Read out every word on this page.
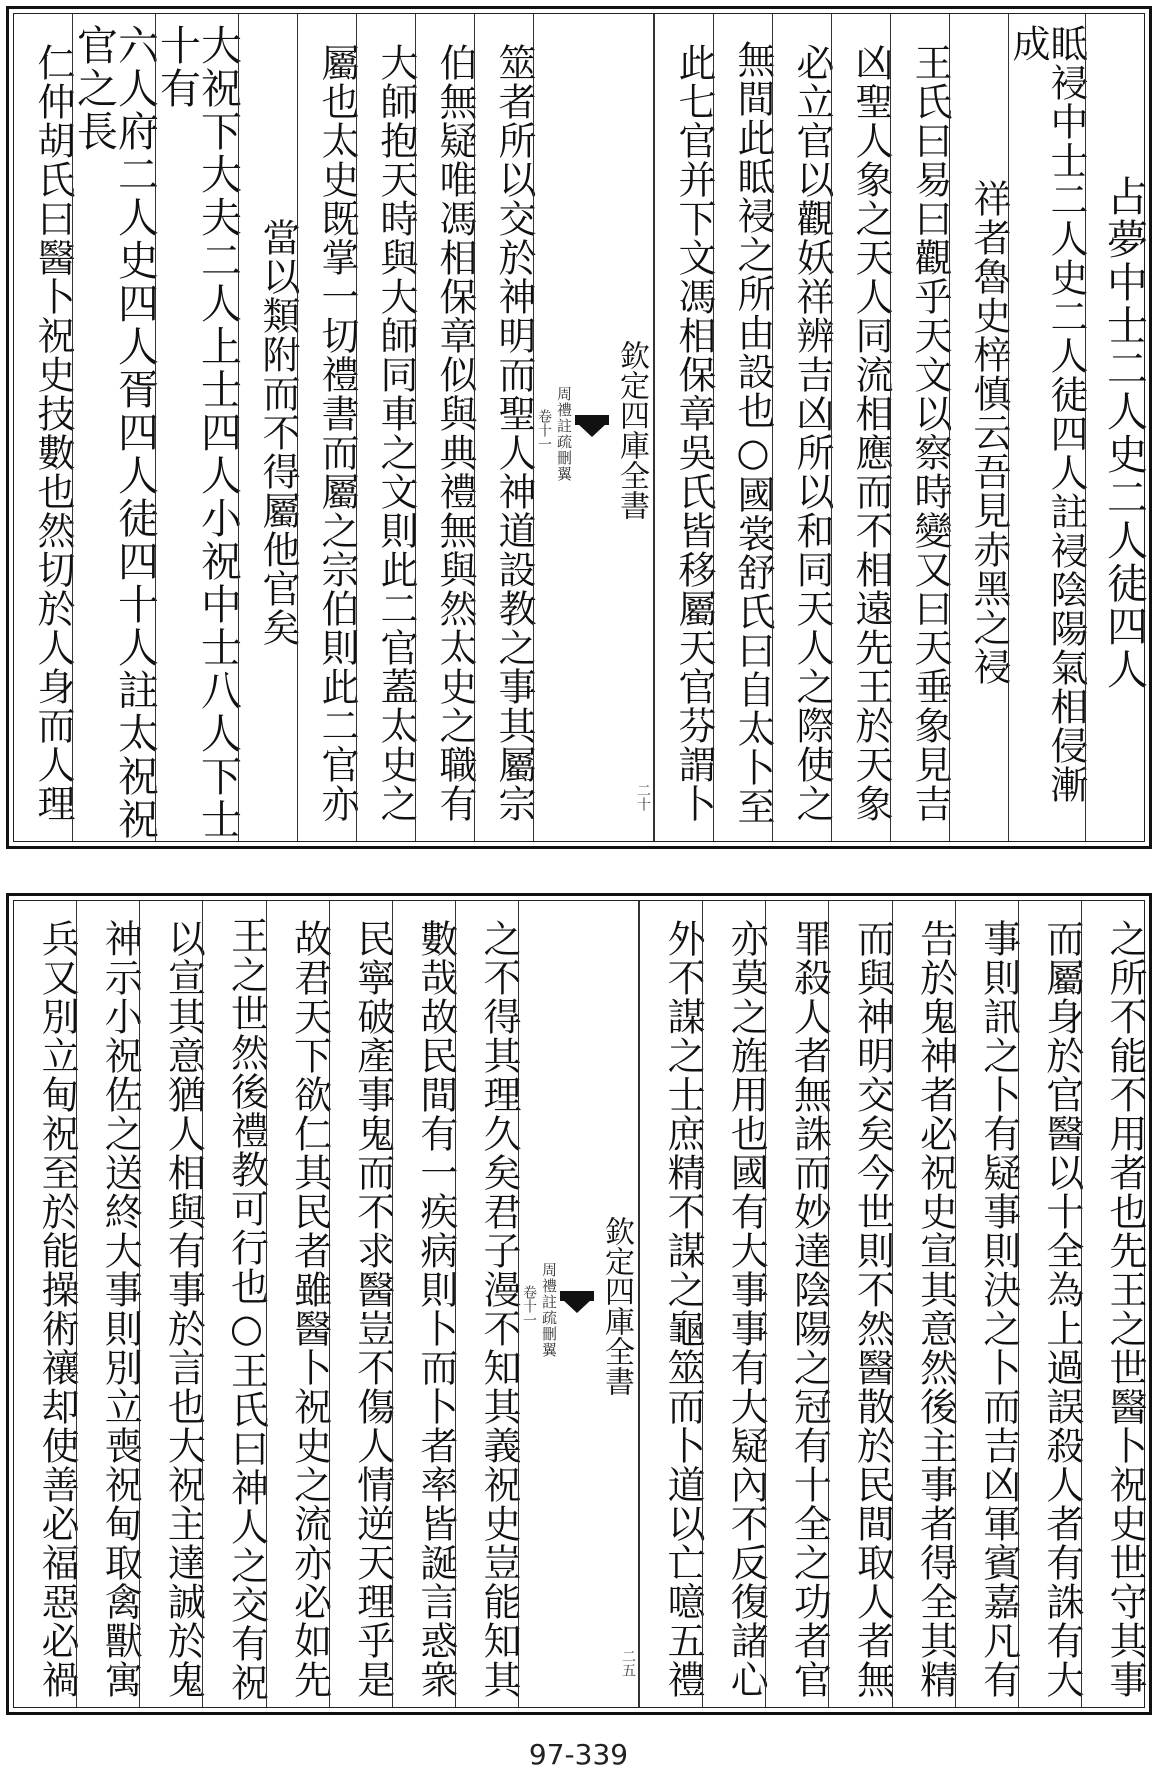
占夢中士二人史二人徒四人
眡祲中士二人史二人徒四人註祲陰陽氣相侵漸成
祥者魯史梓慎云吾見赤黑之祲
王氏曰易曰觀乎天文以察時變又曰天垂象見吉
凶聖人象之天人同流相應而不相遠先王於天象
必立官以觀妖祥辨吉凶所以和同天人之際使之
無間此眡祲之所由設也○國裳舒氏曰自太卜至
此七官并下文馮相保章吳氏皆移屬天官芬謂卜
欽定四庫全書
周禮註疏刪翼
卷十一
二十
筮者所以交於神明而聖人神道設教之事其屬宗
伯無疑唯馮相保章似與典禮無與然太史之職有
大師抱天時與大師同車之文則此二官蓋太史之
屬也太史既掌一切禮書而屬之宗伯則此二官亦
當以類附而不得屬他官矣
大祝下大夫二人上士四人小祝中士八人下士十有
六人府二人史四人胥四人徒四十人註太祝祝官之長
仁仲胡氏曰醫卜祝史技數也然切於人身而人理
之所不能不用者也先王之世醫卜祝史世守其事
而屬身於官醫以十全為上過誤殺人者有誅有大
事則訊之卜有疑事則決之卜而吉凶軍賓嘉凡有
告於鬼神者必祝史宣其意然後主事者得全其精
而與神明交矣今世則不然醫散於民間取人者無
罪殺人者無誅而妙達陰陽之冠有十全之功者官
亦莫之旌用也國有大事事有大疑內不反復諸心
外不謀之士庶精不謀之龜筮而卜道以亡噫五禮
欽定四庫全書
周禮註疏刪翼
卷十一
二五
之不得其理久矣君子漫不知其義祝史豈能知其
數哉故民間有一疾病則卜而卜者率皆誕言惑衆
民寧破產事鬼而不求醫豈不傷人情逆天理乎是
故君天下欲仁其民者雖醫卜祝史之流亦必如先
王之世然後禮教可行也○王氏曰神人之交有祝
以宣其意猶人相與有事於言也大祝主達誠於鬼
神示小祝佐之送終大事則別立喪祝甸取禽獸寓
兵又別立甸祝至於能操術禳却使善必福惡必禍
97-339
